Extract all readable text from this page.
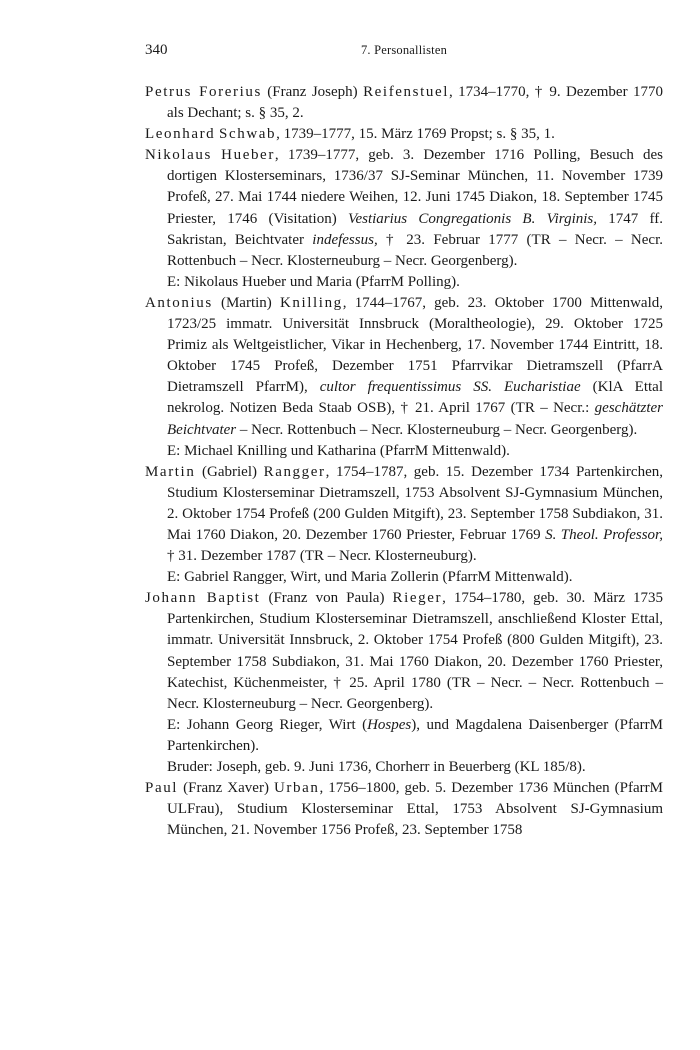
340	7. Personallisten
Petrus Forerius (Franz Joseph) Reifenstuel, 1734–1770, † 9. Dezember 1770 als Dechant; s. § 35, 2.
Leonhard Schwab, 1739–1777, 15. März 1769 Propst; s. § 35, 1.
Nikolaus Hueber, 1739–1777, geb. 3. Dezember 1716 Polling, Besuch des dortigen Klosterseminars, 1736/37 SJ-Seminar München, 11. November 1739 Profeß, 27. Mai 1744 niedere Weihen, 12. Juni 1745 Diakon, 18. September 1745 Priester, 1746 (Visitation) Vestiarius Congregationis B. Virginis, 1747 ff. Sakristan, Beichtvater indefessus, † 23. Februar 1777 (TR – Necr. – Necr. Rottenbuch – Necr. Klosterneuburg – Necr. Georgenberg).
E: Nikolaus Hueber und Maria (PfarrM Polling).
Antonius (Martin) Knilling, 1744–1767, geb. 23. Oktober 1700 Mittenwald, 1723/25 immatr. Universität Innsbruck (Moraltheologie), 29. Oktober 1725 Primiz als Weltgeistlicher, Vikar in Hechenberg, 17. November 1744 Eintritt, 18. Oktober 1745 Profeß, Dezember 1751 Pfarrvikar Dietramszell (PfarrA Dietramszell PfarrM), cultor frequentissimus SS. Eucharistiae (KlA Ettal nekrolog. Notizen Beda Staab OSB), † 21. April 1767 (TR – Necr.: geschätzter Beichtvater – Necr. Rottenbuch – Necr. Klosterneuburg – Necr. Georgenberg).
E: Michael Knilling und Katharina (PfarrM Mittenwald).
Martin (Gabriel) Rangger, 1754–1787, geb. 15. Dezember 1734 Partenkirchen, Studium Klosterseminar Dietramszell, 1753 Absolvent SJ-Gymnasium München, 2. Oktober 1754 Profeß (200 Gulden Mitgift), 23. September 1758 Subdiakon, 31. Mai 1760 Diakon, 20. Dezember 1760 Priester, Februar 1769 S. Theol. Professor, † 31. Dezember 1787 (TR – Necr. Klosterneuburg).
E: Gabriel Rangger, Wirt, und Maria Zollerin (PfarrM Mittenwald).
Johann Baptist (Franz von Paula) Rieger, 1754–1780, geb. 30. März 1735 Partenkirchen, Studium Klosterseminar Dietramszell, anschließend Kloster Ettal, immatr. Universität Innsbruck, 2. Oktober 1754 Profeß (800 Gulden Mitgift), 23. September 1758 Subdiakon, 31. Mai 1760 Diakon, 20. Dezember 1760 Priester, Katechist, Küchenmeister, † 25. April 1780 (TR – Necr. – Necr. Rottenbuch – Necr. Klosterneuburg – Necr. Georgenberg).
E: Johann Georg Rieger, Wirt (Hospes), und Magdalena Daisenberger (PfarrM Partenkirchen).
Bruder: Joseph, geb. 9. Juni 1736, Chorherr in Beuerberg (KL 185/8).
Paul (Franz Xaver) Urban, 1756–1800, geb. 5. Dezember 1736 München (PfarrM ULFrau), Studium Klosterseminar Ettal, 1753 Absolvent SJ-Gymnasium München, 21. November 1756 Profeß, 23. September 1758
